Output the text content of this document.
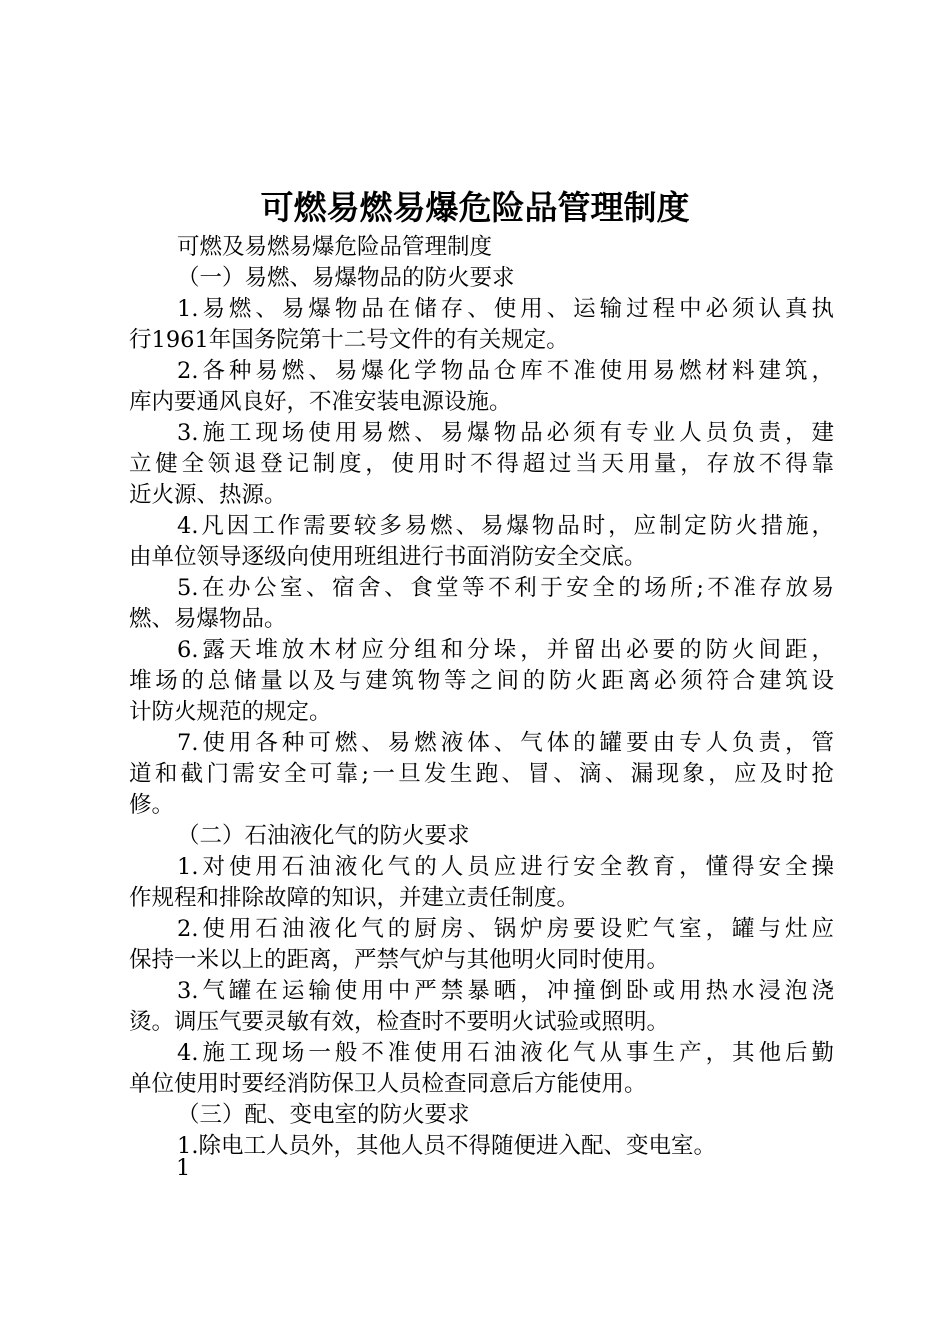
可燃易燃易爆危险品管理制度
可燃及易燃易爆危险品管理制度
（一）易燃、易爆物品的防火要求
1.易燃、易爆物品在储存、使用、运输过程中必须认真执
行1961年国务院第十二号文件的有关规定。
2.各种易燃、易爆化学物品仓库不准使用易燃材料建筑，
库内要通风良好，不准安装电源设施。
3.施工现场使用易燃、易爆物品必须有专业人员负责，建
立健全领退登记制度，使用时不得超过当天用量，存放不得靠
近火源、热源。
4.凡因工作需要较多易燃、易爆物品时，应制定防火措施，
由单位领导逐级向使用班组进行书面消防安全交底。
5.在办公室、宿舍、食堂等不利于安全的场所;不准存放易
燃、易爆物品。
6.露天堆放木材应分组和分垛，并留出必要的防火间距，
堆场的总储量以及与建筑物等之间的防火距离必须符合建筑设
计防火规范的规定。
7.使用各种可燃、易燃液体、气体的罐要由专人负责，管
道和截门需安全可靠;一旦发生跑、冒、滴、漏现象，应及时抢
修。
（二）石油液化气的防火要求
1.对使用石油液化气的人员应进行安全教育，懂得安全操
作规程和排除故障的知识，并建立责任制度。
2.使用石油液化气的厨房、锅炉房要设贮气室，罐与灶应
保持一米以上的距离，严禁气炉与其他明火同时使用。
3.气罐在运输使用中严禁暴晒，冲撞倒卧或用热水浸泡浇
烫。调压气要灵敏有效，检查时不要明火试验或照明。
4.施工现场一般不准使用石油液化气从事生产，其他后勤
单位使用时要经消防保卫人员检查同意后方能使用。
（三）配、变电室的防火要求
1.除电工人员外，其他人员不得随便进入配、变电室。
1
